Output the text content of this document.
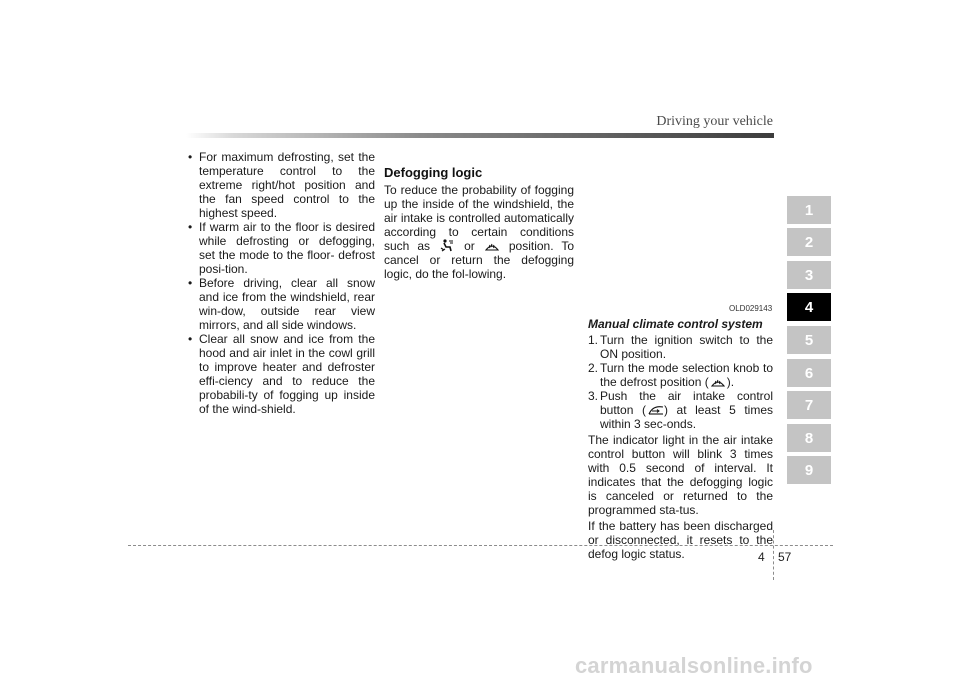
Driving your vehicle
• For maximum defrosting, set the temperature control to the extreme right/hot position and the fan speed control to the highest speed.
• If warm air to the floor is desired while defrosting or defogging, set the mode to the floor- defrost posi-tion.
• Before driving, clear all snow and ice from the windshield, rear win-dow, outside rear view mirrors, and all side windows.
• Clear all snow and ice from the hood and air inlet in the cowl grill to improve heater and defroster effi-ciency and to reduce the probabili-ty of fogging up inside of the wind-shield.
Defogging logic

To reduce the probability of fogging up the inside of the windshield, the air intake is controlled automatically according to certain conditions such as	or	position. To cancel or return the defogging logic, do the fol-lowing.

OLD029143
Manual climate control system
1. Turn the ignition switch to the ON position.
2. Turn the mode selection knob to the defrost position ( ).
3. Push the air intake control button ( ) at least 5 times within 3 sec-onds.

The indicator light in the air intake control button will blink 3 times with 0.5 second of interval. It indicates that the defogging logic is canceled or returned to the programmed sta-tus.

If the battery has been discharged or disconnected, it resets to the defog logic status.

1
2
3
4
5
6
7
8
9
4 57
carmanualsonline.info
